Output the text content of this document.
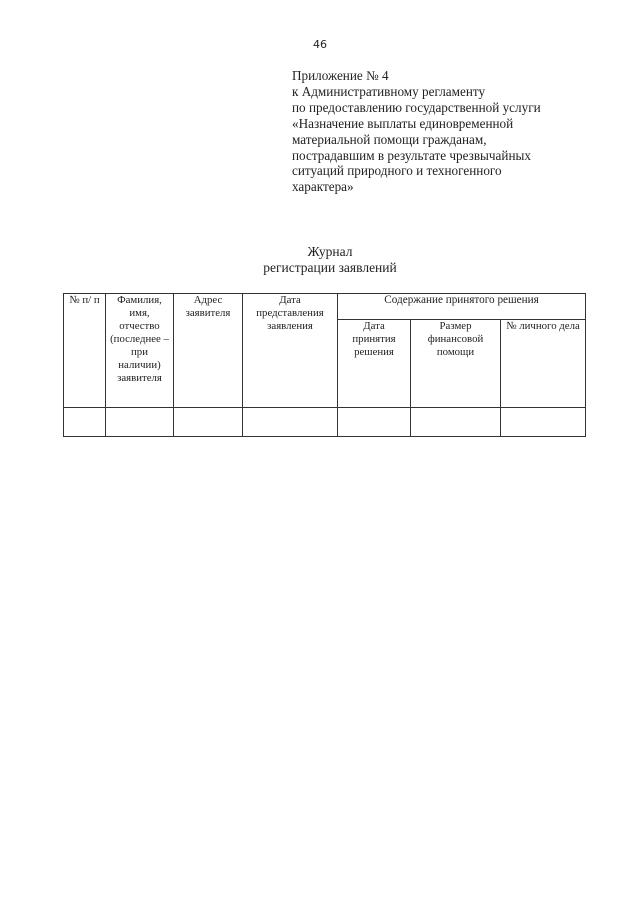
46
Приложение № 4
к Административному регламенту
по предоставлению государственной услуги
«Назначение выплаты единовременной
материальной помощи гражданам,
пострадавшим в результате чрезвычайных
ситуаций природного и техногенного
характера»
Журнал
регистрации заявлений
№ п/ п	Фамилия, имя, отчество (последнее – при наличии) заявителя	Адрес заявителя	Дата представления заявления	Содержание принятого решения		
				Дата принятия решения	Размер финансовой помощи	№ личного дела
